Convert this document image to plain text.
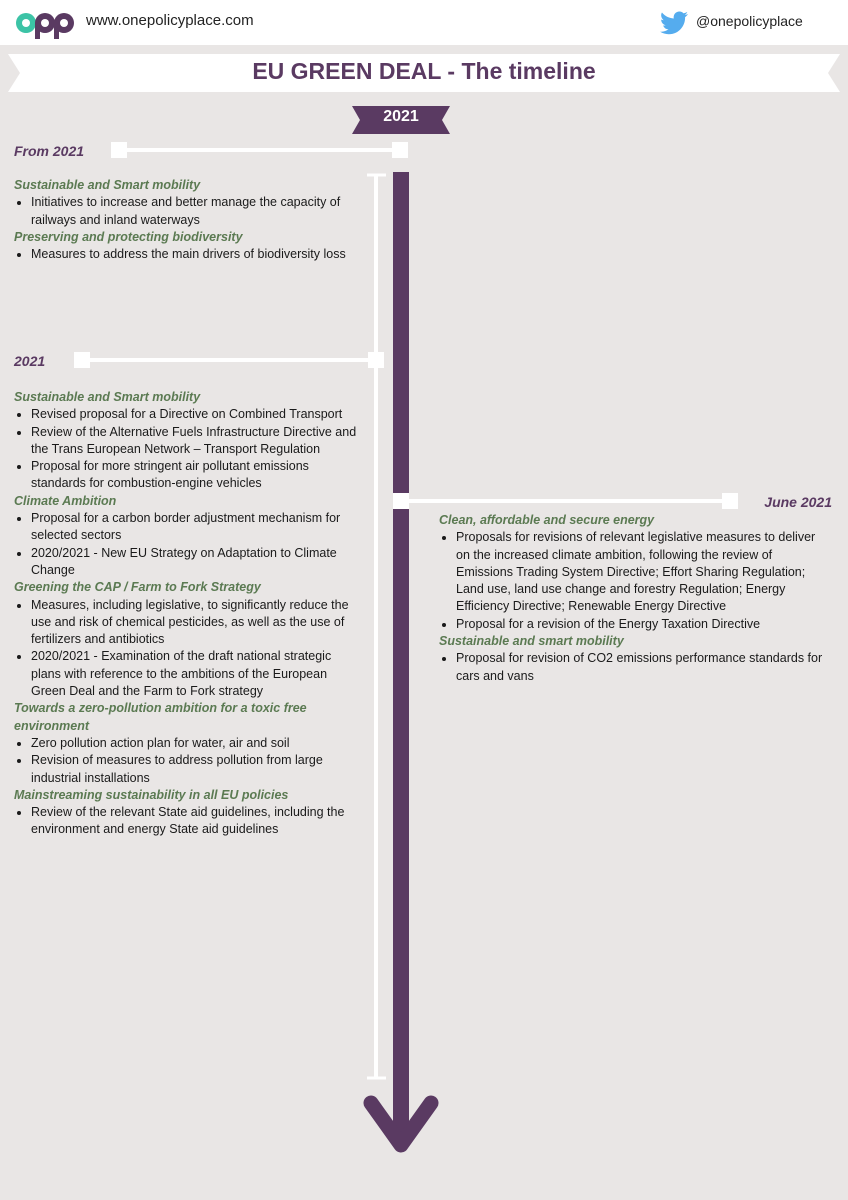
www.onepolicyplace.com	@onepolicyplace
EU GREEN DEAL - The timeline
2021
From 2021
Sustainable and Smart mobility
• Initiatives to increase and better manage the capacity of railways and inland waterways
Preserving and protecting biodiversity
• Measures to address the main drivers of biodiversity loss
2021
Sustainable and Smart mobility
• Revised proposal for a Directive on Combined Transport
• Review of the Alternative Fuels Infrastructure Directive and the Trans European Network – Transport Regulation
• Proposal for more stringent air pollutant emissions standards for combustion-engine vehicles
Climate Ambition
• Proposal for a carbon border adjustment mechanism for selected sectors
• 2020/2021 - New EU Strategy on Adaptation to Climate Change
Greening the CAP / Farm to Fork Strategy
• Measures, including legislative, to significantly reduce the use and risk of chemical pesticides, as well as the use of fertilizers and antibiotics
• 2020/2021 - Examination of the draft national strategic plans with reference to the ambitions of the European Green Deal and the Farm to Fork strategy
Towards a zero-pollution ambition for a toxic free environment
• Zero pollution action plan for water, air and soil
• Revision of measures to address pollution from large industrial installations
Mainstreaming sustainability in all EU policies
• Review of the relevant State aid guidelines, including the environment and energy State aid guidelines
June 2021
Clean, affordable and secure energy
• Proposals for revisions of relevant legislative measures to deliver on the increased climate ambition, following the review of Emissions Trading System Directive; Effort Sharing Regulation; Land use, land use change and forestry Regulation; Energy Efficiency Directive; Renewable Energy Directive
• Proposal for a revision of the Energy Taxation Directive
Sustainable and smart mobility
• Proposal for revision of CO2 emissions performance standards for cars and vans
